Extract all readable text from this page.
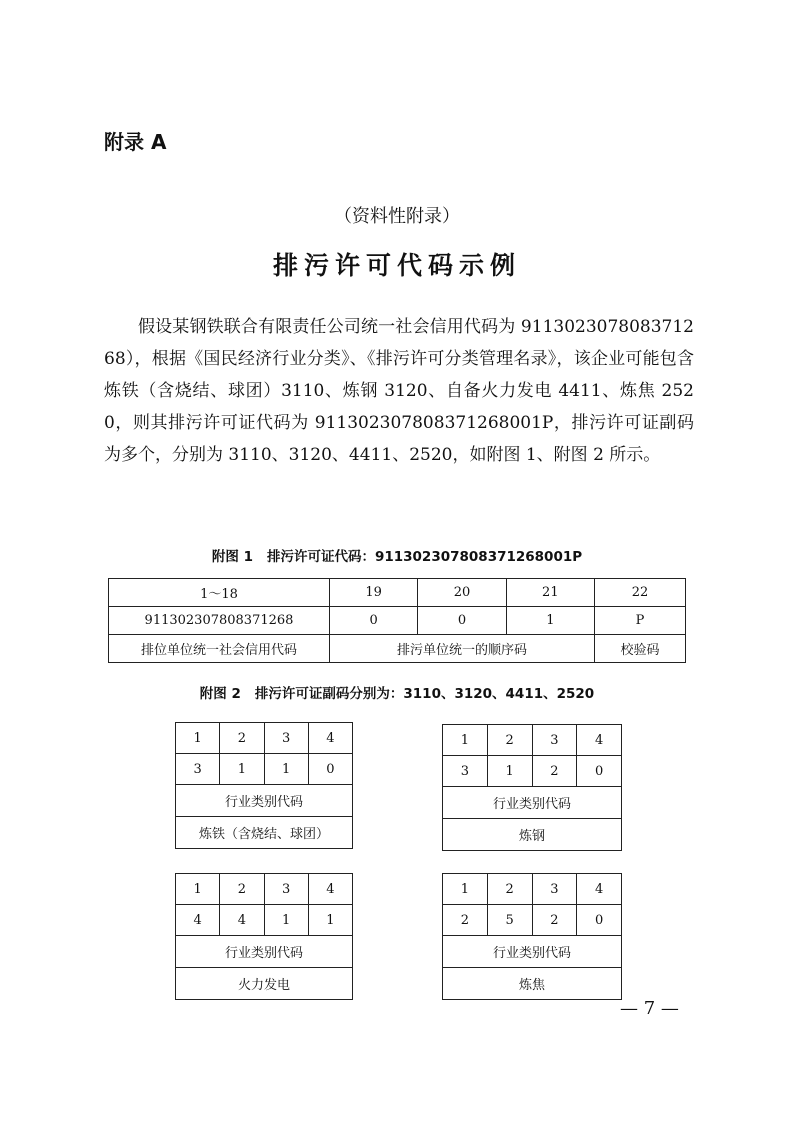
附录 A
（资料性附录）
排污许可代码示例
假设某钢铁联合有限责任公司统一社会信用代码为 911302307808371268），根据《国民经济行业分类》、《排污许可分类管理名录》，该企业可能包含炼铁（含烧结、球团）3110、炼钢 3120、自备火力发电 4411、炼焦 2520，则其排污许可证代码为 911302307808371268001P，排污许可证副码为多个，分别为 3110、3120、4411、2520，如附图 1、附图 2 所示。
附图 1 排污许可证代码：911302307808371268001P
1～18	19	20	21	22
911302307808371268	0	0	1	P
排位单位统一社会信用代码	排污单位统一的顺序码			校验码
附图 2 排污许可证副码分别为：3110、3120、4411、2520
1	2	3	4
3	1	1	0
行业类别代码			
炼铁（含烧结、球团）			
1	2	3	4
3	1	2	0
行业类别代码			
炼钢			
1	2	3	4
4	4	1	1
行业类别代码			
火力发电			
1	2	3	4
2	5	2	0
行业类别代码			
炼焦			
— 7 —
